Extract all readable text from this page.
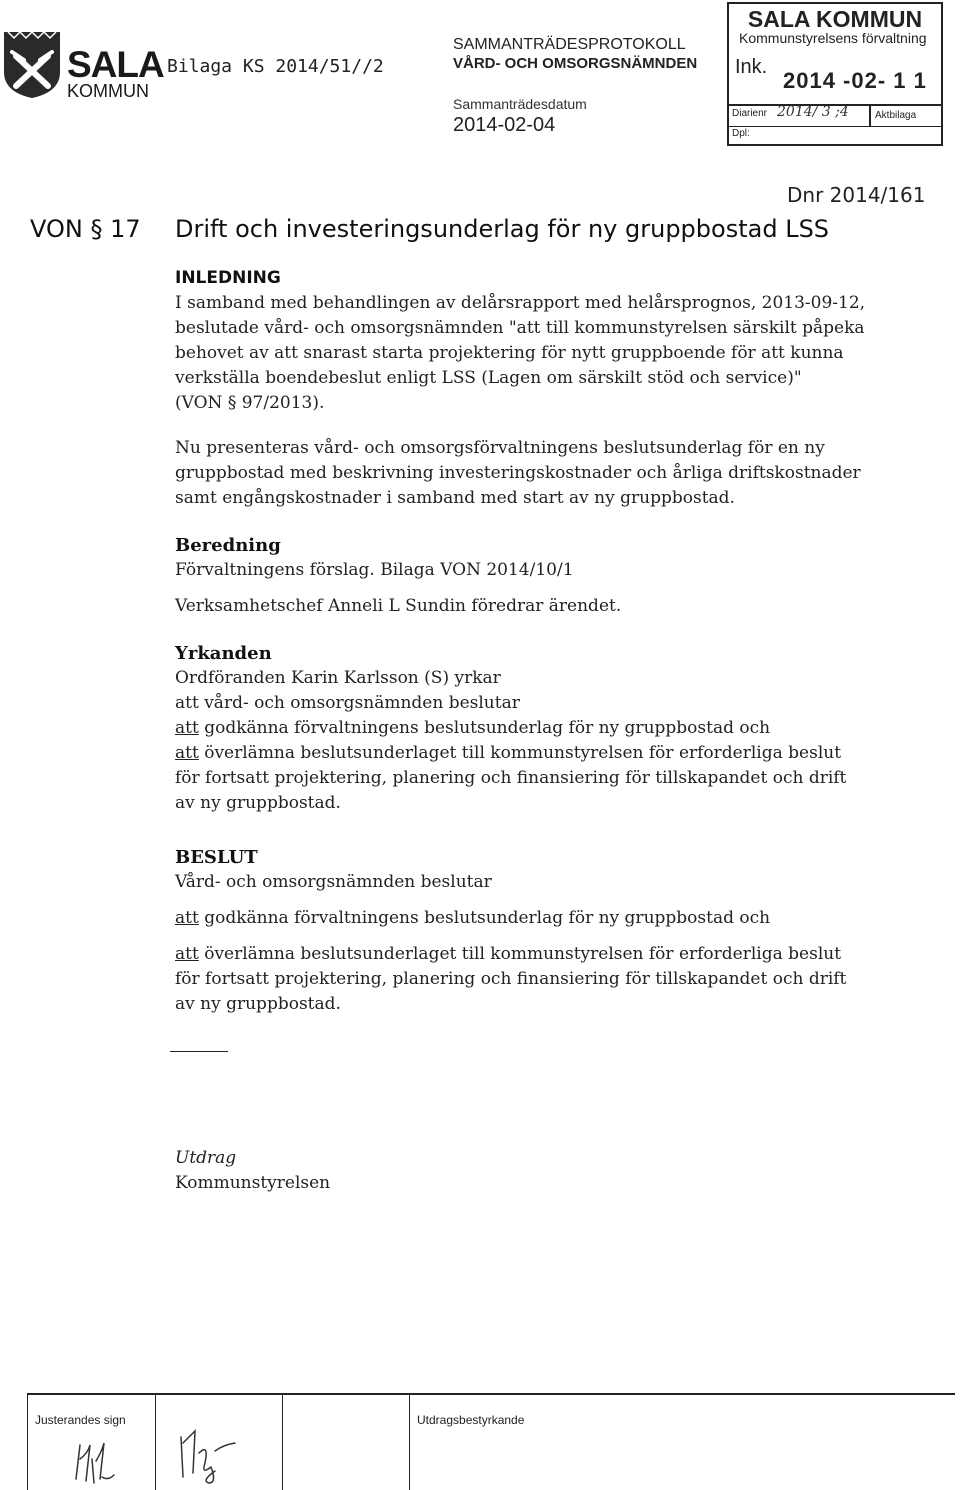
SALA
KOMMUN
Bilaga KS 2014/51//2
SAMMANTRÄDESPROTOKOLL
VÅRD- OCH OMSORGSNÄMNDEN
Sammanträdesdatum
2014-02-04
SALA KOMMUN
Kommunstyrelsens förvaltning
Ink.
2014 -02- 1 1
Diarienr 2014/ 3 ;4	Aktbilaga
Dpl:
Dnr 2014/161
VON § 17 Drift och investeringsunderlag för ny gruppbostad LSS

INLEDNING

I samband med behandlingen av delårsrapport med helårsprognos, 2013-09-12,

beslutade vård- och omsorgsnämnden "att till kommunstyrelsen särskilt påpeka

behovet av att snarast starta projektering för nytt gruppboende för att kunna

verkställa boendebeslut enligt LSS (Lagen om särskilt stöd och service)"

(VON § 97/2013).

Nu presenteras vård- och omsorgsförvaltningens beslutsunderlag för en ny

gruppbostad med beskrivning investeringskostnader och årliga driftskostnader

samt engångskostnader i samband med start av ny gruppbostad.

Beredning

Förvaltningens förslag. Bilaga VON 2014/10/1

Verksamhetschef Anneli L Sundin föredrar ärendet.

Yrkanden

Ordföranden Karin Karlsson (S) yrkar

att vård- och omsorgsnämnden beslutar

att godkänna förvaltningens beslutsunderlag för ny gruppbostad och

att överlämna beslutsunderlaget till kommunstyrelsen för erforderliga beslut

för fortsatt projektering, planering och finansiering för tillskapandet och drift

av ny gruppbostad.

BESLUT

Vård- och omsorgsnämnden beslutar

att godkänna förvaltningens beslutsunderlag för ny gruppbostad och

att överlämna beslutsunderlaget till kommunstyrelsen för erforderliga beslut

för fortsatt projektering, planering och finansiering för tillskapandet och drift

av ny gruppbostad.

Utdrag

Kommunstyrelsen

Justerandes sign	Utdragsbestyrkande
